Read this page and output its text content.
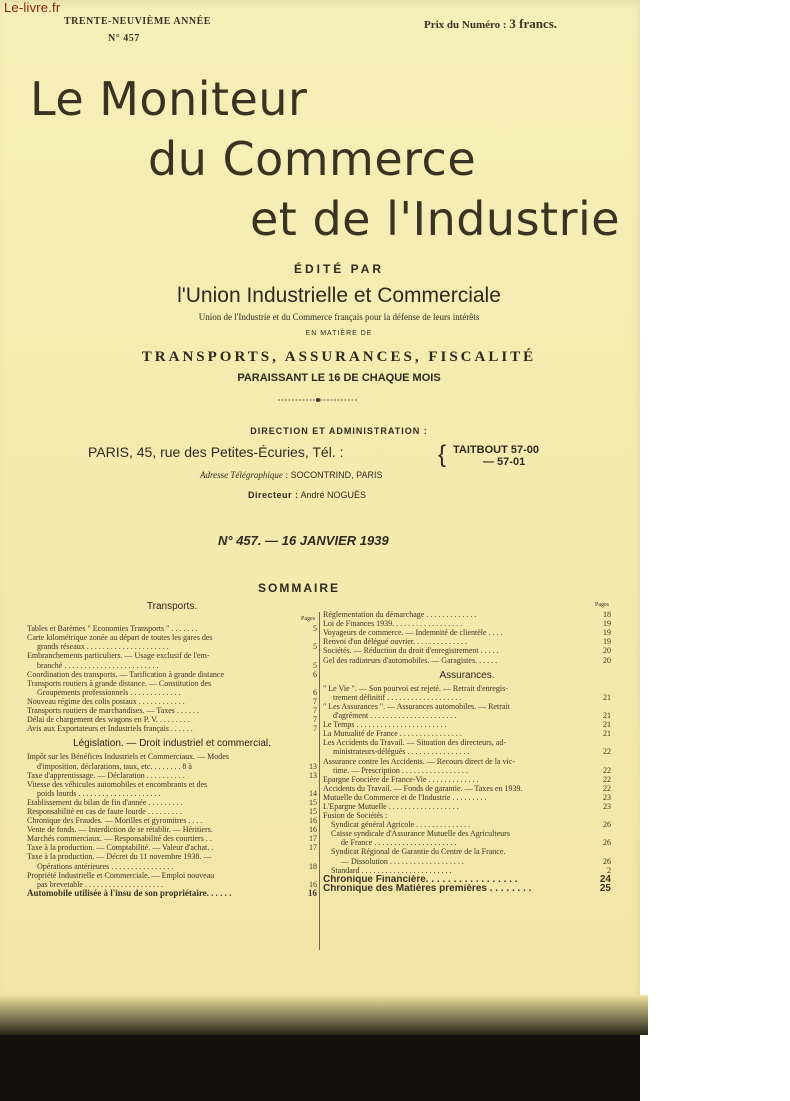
Le-livre.fr
TRENTE-NEUVIÈME ANNÉE
N° 457
Prix du Numéro : 3 francs.
Le Moniteur
du Commerce
et de l'Industrie
ÉDITÉ PAR
l'Union Industrielle et Commerciale
Union de l'Industrie et du Commerce français pour la défense de leurs intérêts
EN MATIÈRE DE
TRANSPORTS, ASSURANCES, FISCALITÉ
PARAISSANT LE 16 DE CHAQUE MOIS
DIRECTION ET ADMINISTRATION :
PARIS, 45, rue des Petites-Écuries, Tél. :	{ TAITBOUT 57-00
— 57-01
Adresse Télégraphique : SOCONTRIND, PARIS
Directeur : André NOGUÈS
N° 457. — 16 JANVIER 1939
SOMMAIRE
Transports.
Pages
Tables et Barèmes " Economies Transports " . . . . . . .	5
Carte kilométrique zonée au départ de toutes les gares des
grands réseaux . . . . . . . . . . . . . . . . . . . . .	5
Embranchements particuliers. — Usage exclusif de l'em-
branché . . . . . . . . . . . . . . . . . . . . . . . .	5
Coordination des transports. — Tarification à grande distance	6
Transports routiers à grande distance. — Constitution des
Groupements professionnels . . . . . . . . . . . . .	6
Nouveau régime des colis postaux . . . . . . . . . . . .	7
Transports routiers de marchandises. — Taxes . . . . . .	7
Délai de chargement des wagons en P. V. . . . . . . . .	7
Avis aux Exportateurs et Industriels français . . . . . .	7
Législation. — Droit industriel et commercial.
Impôt sur les Bénéfices Industriels et Commerciaux. — Modes
d'imposition, déclarations, taux, etc. . . . . . . . 8 à	13
Taxe d'apprentissage. — Déclaration . . . . . . . . . .	13
Vitesse des véhicules automobiles et encombrants et des
poids lourds . . . . . . . . . . . . . . . . . . . . .	14
Etablissement du bilan de fin d'année . . . . . . . . .	15
Responsabilité en cas de faute lourde . . . . . . . . .	15
Chronique des Fraudes. — Morilles et gyromitres . . . .	16
Vente de fonds. — Interdiction de se rétablir. — Héritiers.	16
Marchés commerciaux. — Responsabilité des courtiers . .	17
Taxe à la production. — Comptabilité. — Valeur d'achat. .	17
Taxe à la production. — Décret du 11 novembre 1938. —
Opérations antérieures . . . . . . . . . . . . . . . .	18
Propriété Industrielle et Commerciale. — Emploi nouveau
pas brevetable . . . . . . . . . . . . . . . . . . . .	16
Automobile utilisée à l'insu de son propriétaire. . . . . .	16
Pages
Réglementation du démarchage . . . . . . . . . . . . .	18
Loi de Finances 1939. . . . . . . . . . . . . . . . . .	19
Voyageurs de commerce. — Indemnité de clientèle . . . .	19
Renvoi d'un délégué ouvrier. . . . . . . . . . . . . .	19
Sociétés. — Réduction du droit d'enregistrement . . . . .	20
Gel des radiateurs d'automobiles. — Garagistes. . . . . .	20
Assurances.
" Le Vie ". — Son pourvoi est rejeté. — Retrait d'enregis-
trement définitif . . . . . . . . . . . . . . . . . . .	21
" Les Assurances ". — Assurances automobiles. — Retrait
d'agrément . . . . . . . . . . . . . . . . . . . . . .	21
Le Temps . . . . . . . . . . . . . . . . . . . . . . .	21
La Mutualité de France . . . . . . . . . . . . . . . .	21
Les Accidents du Travail. — Situation des directeurs, ad-
ministrateurs-délégués . . . . . . . . . . . . . . . .	22
Assurance contre les Accidents. — Recours direct de la vic-
time. — Prescription . . . . . . . . . . . . . . . . .	22
Epargne Foncière de France-Vie . . . . . . . . . . . . .	22
Accidents du Travail. — Fonds de garantie. — Taxes en 1939.	22
Mutuelle du Commerce et de l'Industrie . . . . . . . . .	23
L'Epargne Mutuelle . . . . . . . . . . . . . . . . . .	23
Fusion de Sociétés :
Syndicat général Agricole . . . . . . . . . . . . . .	26
Caisse syndicale d'Assurance Mutuelle des Agriculteurs
de France . . . . . . . . . . . . . . . . . . . . .	26
Syndicat Régional de Garantie du Centre de la France.
— Dissolution . . . . . . . . . . . . . . . . . . .	26
Standard . . . . . . . . . . . . . . . . . . . . . . .	2
Chronique Financière. . . . . . . . . . . . . . . . .	24
Chronique des Matières premières . . . . . . . .	25
